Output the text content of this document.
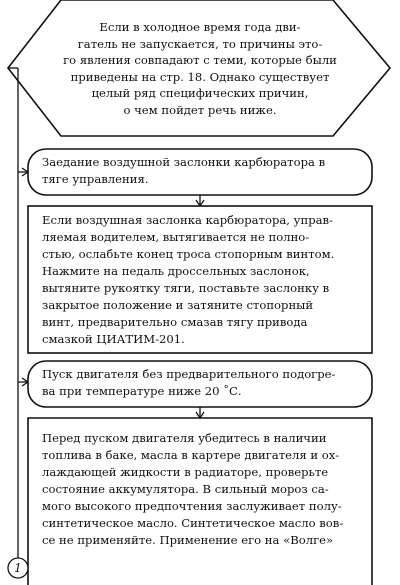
Если в холодное время года дви-
гатель не запускается, то причины это-
го явления совпадают с теми, которые были
приведены на стр. 18. Однако существует
целый ряд специфических причин,
о чем пойдет речь ниже.
Заедание воздушной заслонки карбюратора в
тяге управления.
Если воздушная заслонка карбюратора, управ-
ляемая водителем, вытягивается не полно-
стью, ослабьте конец троса стопорным винтом.
Нажмите на педаль дроссельных заслонок,
вытяните рукоятку тяги, поставьте заслонку в
закрытое положение и затяните стопорный
винт, предварительно смазав тягу привода
смазкой ЦИАТИМ-201.
Пуск двигателя без предварительного подогре-
ва при температуре ниже 20 ˚С.
Перед пуском двигателя убедитесь в наличии
топлива в баке, масла в картере двигателя и ох-
лаждающей жидкости в радиаторе, проверьте
состояние аккумулятора. В сильный мороз са-
мого высокого предпочтения заслуживает полу-
синтетическое масло. Синтетическое масло вов-
се не применяйте. Применение его на «Волге»
1
